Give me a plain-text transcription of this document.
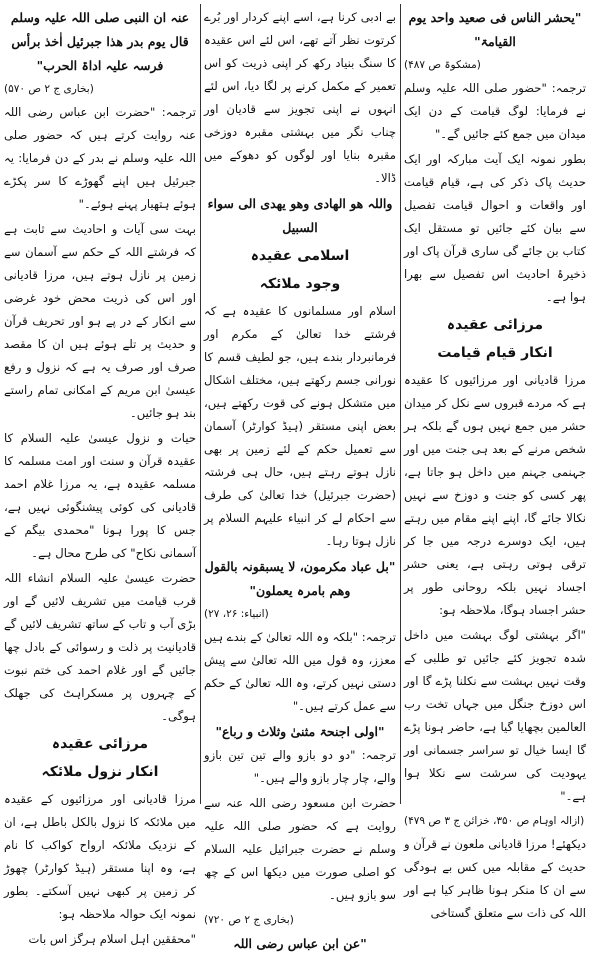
"یحشر الناس فی صعید واحد یوم القیامۃ"
(مشکوۃ ص ۴۸۷)
ترجمہ: "حضور صلی اللہ علیہ وسلم نے فرمایا: لوگ قیامت کے دن ایک میدان میں جمع کئے جائیں گے۔"
بطور نمونہ ایک آیت مبارکہ اور ایک حدیث پاک ذکر کی ہے، قیام قیامت اور واقعات و احوال قیامت تفصیل سے بیان کئے جائیں تو مستقل ایک کتاب بن جائے گی ساری قرآن پاک اور ذخیرۂ احادیث اس تفصیل سے بھرا ہوا ہے۔
مرزائی عقیدہ
انکار قیام قیامت
مرزا قادیانی اور مرزائیوں کا عقیدہ ہے کہ مردے قبروں سے نکل کر میدان حشر میں جمع نہیں ہوں گے بلکہ ہر شخص مرنے کے بعد ہی جنت میں اور جہنمی جہنم میں داخل ہو جاتا ہے، پھر کسی کو جنت و دوزخ سے نہیں نکالا جائے گا، اپنے اپنے مقام میں رہتے ہیں، ایک دوسرے درجہ میں جا کر ترقی ہوتی رہتی ہے، یعنی حشر اجساد نہیں بلکہ روحانی طور پر حشر اجساد ہوگا، ملاحظہ ہو:
"اگر بہشتی لوگ بہشت میں داخل شدہ تجویز کئے جائیں تو طلبی کے وقت نہیں بہشت سے نکلنا پڑے گا اور اس دوزخ جنگل میں جہاں تخت رب العالمین بچھایا گیا ہے، حاضر ہونا پڑے گا ایسا خیال تو سراسر جسمانی اور یہودیت کی سرشت سے نکلا ہوا ہے۔"
(ازالہ اوہام ص ۳۵۰، خزائن ج ۳ ص ۴۷۹)
دیکھئے! مرزا قادیانی ملعون نے قرآن و حدیث کے مقابلہ میں کس بے ہودگی سے ان کا منکر ہونا ظاہر کیا ہے اور اللہ کی ذات سے متعلق گستاخی
بے ادبی کرنا ہے، اسے اپنے کردار اور بُرے کرتوت نظر آتے تھے، اس لئے اس عقیدہ کا سنگ بنیاد رکھ کر اپنی ذریت کو اس تعمیر کے مکمل کرنے پر لگا دیا، اس لئے انہوں نے اپنی تجویز سے قادیان اور چناب نگر میں بہشتی مقبرہ دوزخی مقبرہ بنایا اور لوگوں کو دھوکے میں ڈالا۔
واللہ ھو الھادی وھو یھدی الی سواء السبیل
اسلامی عقیدہ
وجود ملائکہ
اسلام اور مسلمانوں کا عقیدہ ہے کہ فرشتے خدا تعالیٰ کے مکرم اور فرمانبردار بندے ہیں، جو لطیف قسم کا نورانی جسم رکھتے ہیں، مختلف اشکال میں متشکل ہونے کی قوت رکھتے ہیں، بعض اپنی مستقر (ہیڈ کوارٹر) آسمان سے تعمیل حکم کے لئے زمین پر بھی نازل ہوتے رہتے ہیں، حال ہی فرشتہ (حضرت جبرئیل) خدا تعالیٰ کی طرف سے احکام لے کر انبیاء علیہم السلام پر نازل ہوتا رہا۔
"بل عباد مکرمون، لا یسبقونہ بالقول وھم بامرہ یعملون"
(انبیاء: ۲۶، ۲۷)
ترجمہ: "بلکہ وہ اللہ تعالیٰ کے بندے ہیں معزز، وہ قول میں اللہ تعالیٰ سے پیش دستی نہیں کرتے، وہ اللہ تعالیٰ کے حکم سے عمل کرتے ہیں۔"
"اولی اجنحۃ مثنیٰ وثلاث و رباع"
ترجمہ: "دو دو بازو والے تین تین بازو والے، چار چار بازو والے ہیں۔"
حضرت ابن مسعود رضی اللہ عنہ سے روایت ہے کہ حضور صلی اللہ علیہ وسلم نے حضرت جبرائیل علیہ السلام کو اصلی صورت میں دیکھا اس کے چھ سو بازو ہیں۔
(بخاری ج ۲ ص ۷۲۰)
"عن ابن عباس رضی اللہ
عنہ ان النبی صلی اللہ علیہ وسلم قال یوم بدر ھذا جبرئیل اٰخذ برأس فرسہ علیہ اداۃ الحرب"
(بخاری ج ۲ ص ۵۷۰)
ترجمہ: "حضرت ابن عباس رضی اللہ عنہ روایت کرتے ہیں کہ حضور صلی اللہ علیہ وسلم نے بدر کے دن فرمایا: یہ جبرئیل ہیں اپنے گھوڑے کا سر پکڑے ہوئے ہتھیار پہنے ہوئے۔"
بہت سی آیات و احادیث سے ثابت ہے کہ فرشتے اللہ کے حکم سے آسمان سے زمین پر نازل ہوتے ہیں، مرزا قادیانی اور اس کی ذریت محض خود غرضی سے انکار کے در پے ہو اور تحریف قرآن و حدیث پر تلے ہوئے ہیں ان کا مقصد صرف اور صرف یہ ہے کہ نزول و رفع عیسیٰ ابن مریم کے امکانی تمام راستے بند ہو جائیں۔
حیات و نزول عیسیٰ علیہ السلام کا عقیدہ قرآن و سنت اور امت مسلمہ کا مسلمہ عقیدہ ہے، یہ مرزا غلام احمد قادیانی کی کوئی پیشنگوئی نہیں ہے، جس کا پورا ہونا "محمدی بیگم کے آسمانی نکاح" کی طرح محال ہے۔
حضرت عیسیٰ علیہ السلام انشاء اللہ قرب قیامت میں تشریف لائیں گے اور بڑی آب و تاب کے ساتھ تشریف لائیں گے قادیانیت پر ذلت و رسوائی کے بادل چھا جائیں گے اور غلام احمد کی ختم نبوت کے چہروں پر مسکراہٹ کی جھلک ہوگی۔
مرزائی عقیدہ
انکار نزول ملائکہ
مرزا قادیانی اور مرزائیوں کے عقیدہ میں ملائکہ کا نزول بالکل باطل ہے، ان کے نزدیک ملائکہ ارواح کواکب کا نام ہے، وہ اپنا مستقر (ہیڈ کوارٹر) چھوڑ کر زمین پر کبھی نہیں آسکتے۔ بطور نمونہ ایک حوالہ ملاحظہ ہو:
"محققین اہل اسلام ہرگز اس بات
